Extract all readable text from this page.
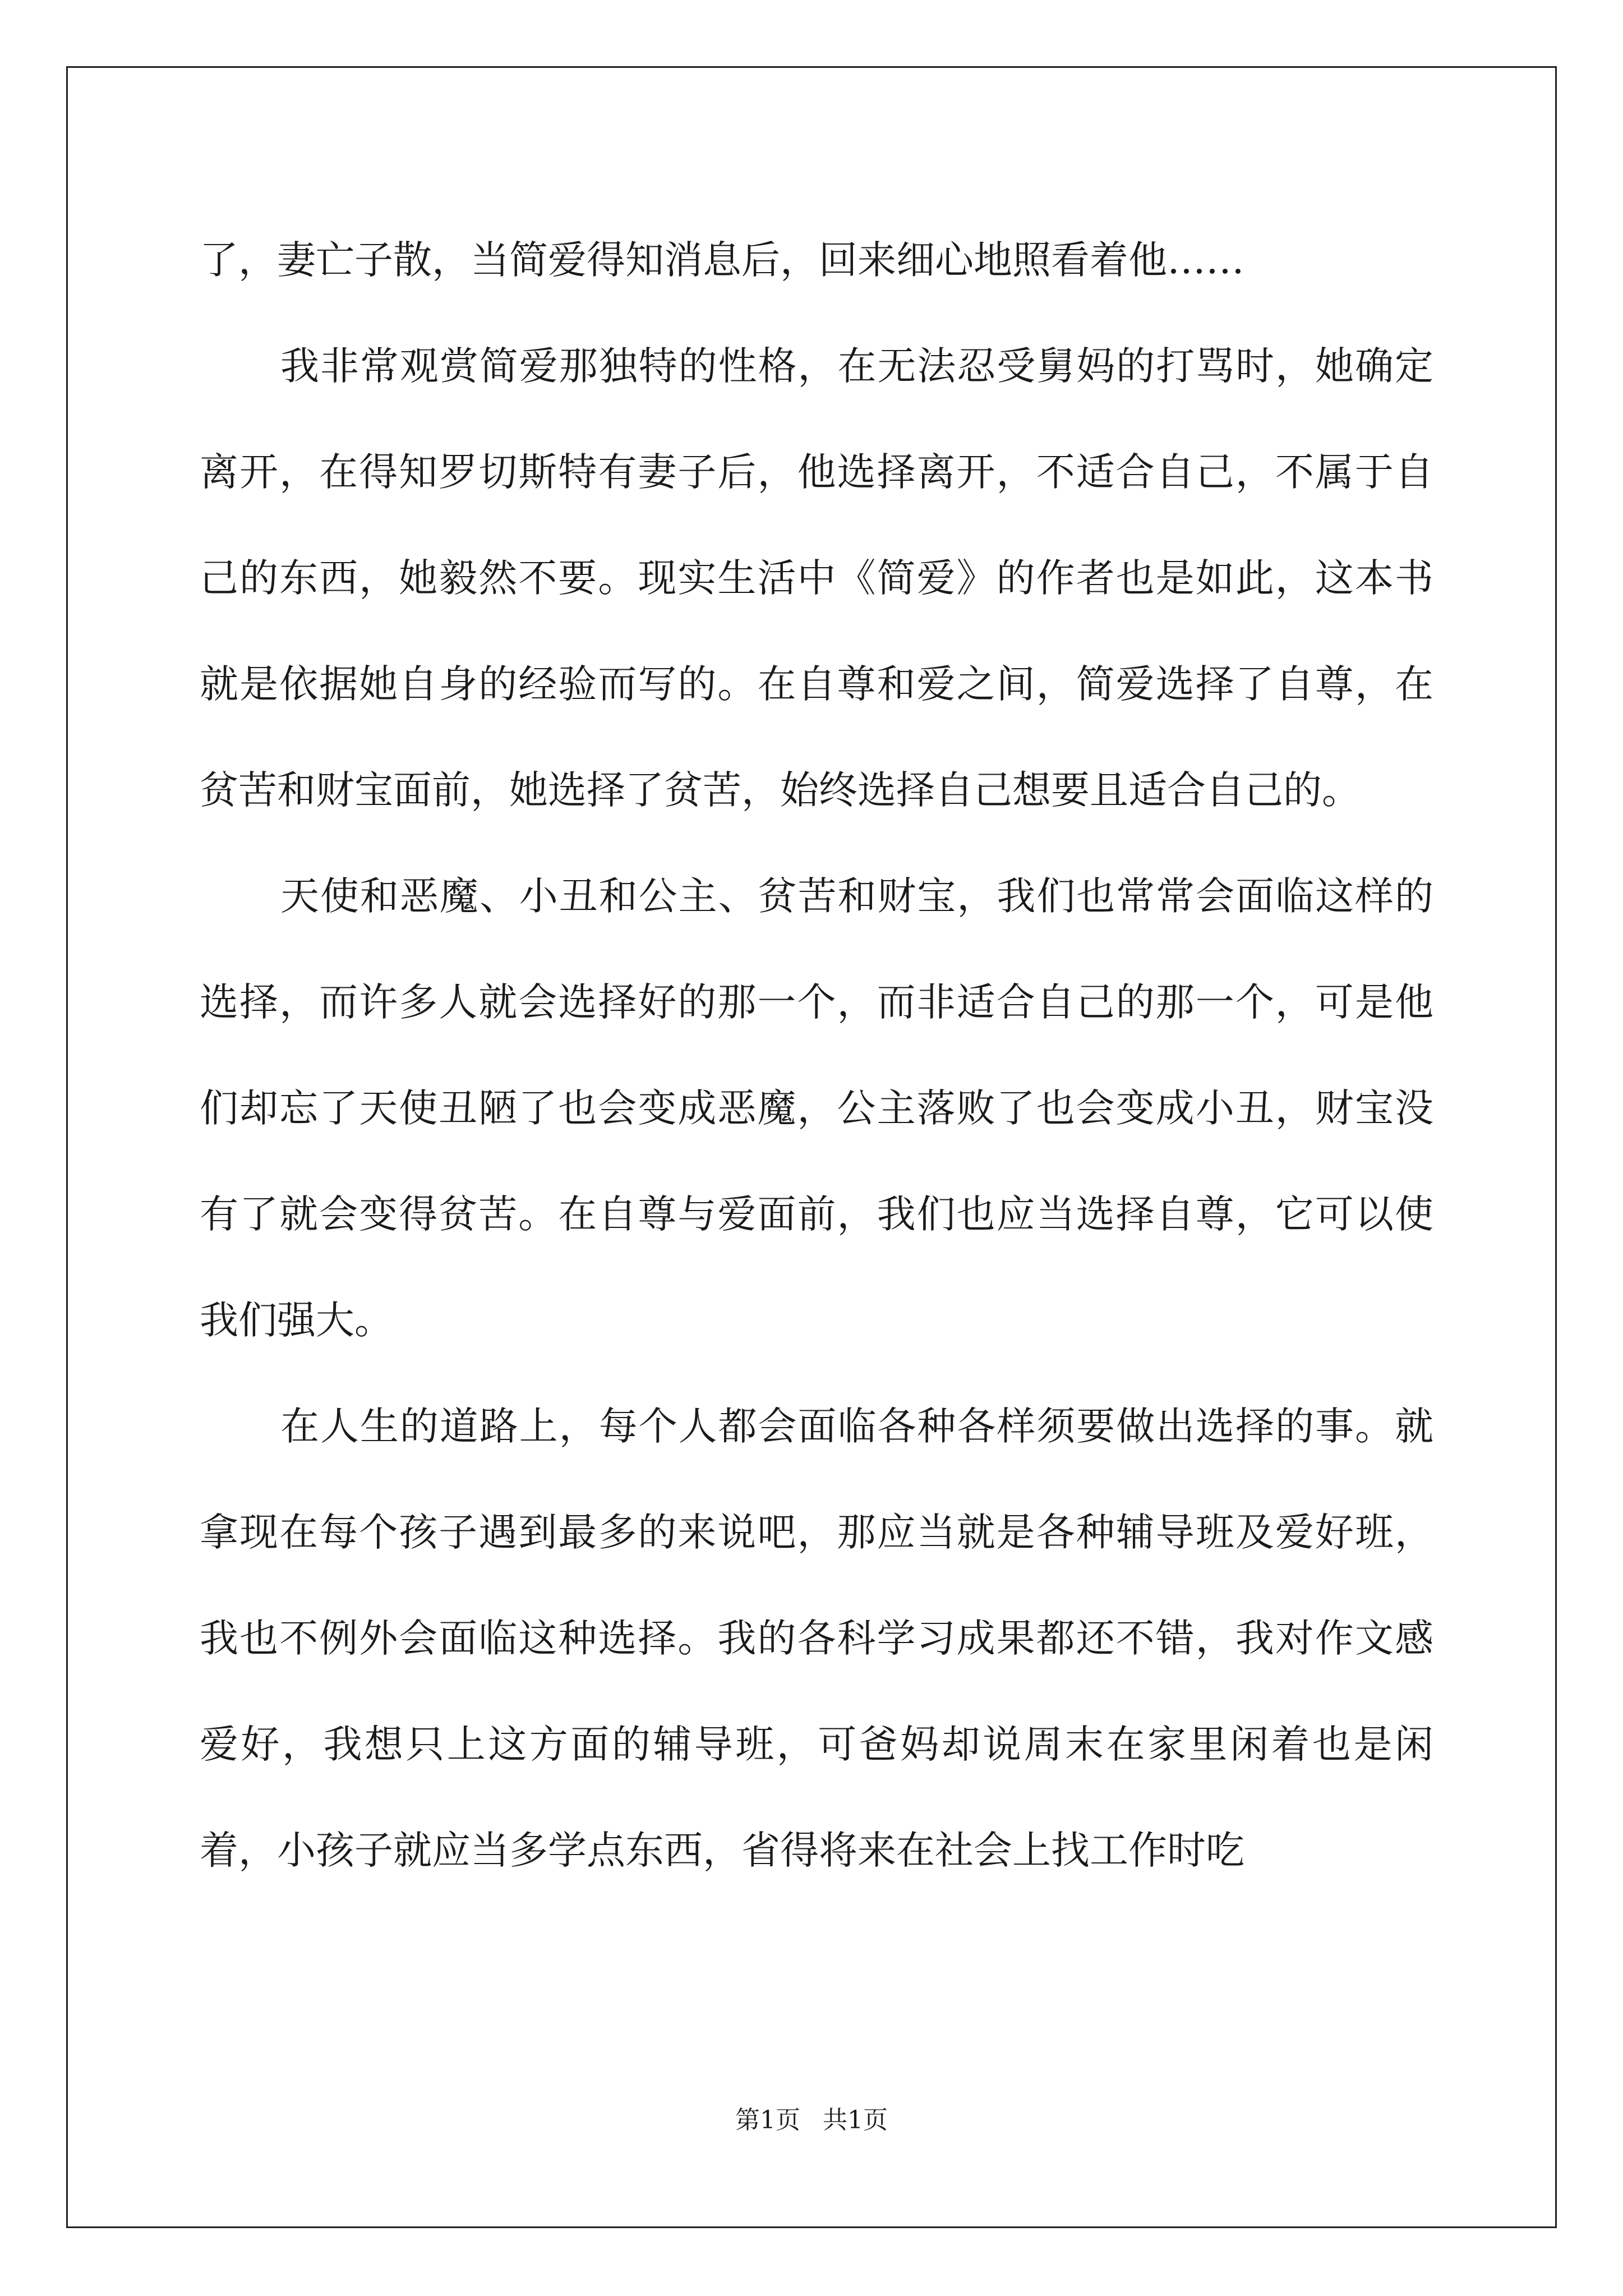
了，妻亡子散，当简爱得知消息后，回来细心地照看着他……

我非常观赏简爱那独特的性格，在无法忍受舅妈的打骂时，她确定离开，在得知罗切斯特有妻子后，他选择离开，不适合自己，不属于自己的东西，她毅然不要。现实生活中《简爱》的作者也是如此，这本书就是依据她自身的经验而写的。在自尊和爱之间，简爱选择了自尊，在贫苦和财宝面前，她选择了贫苦，始终选择自己想要且适合自己的。

天使和恶魔、小丑和公主、贫苦和财宝，我们也常常会面临这样的选择，而许多人就会选择好的那一个，而非适合自己的那一个，可是他们却忘了天使丑陋了也会变成恶魔，公主落败了也会变成小丑，财宝没有了就会变得贫苦。在自尊与爱面前，我们也应当选择自尊，它可以使我们强大。

在人生的道路上，每个人都会面临各种各样须要做出选择的事。就拿现在每个孩子遇到最多的来说吧，那应当就是各种辅导班及爱好班，我也不例外会面临这种选择。我的各科学习成果都还不错，我对作文感爱好，我想只上这方面的辅导班，可爸妈却说周末在家里闲着也是闲着，小孩子就应当多学点东西，省得将来在社会上找工作时吃

第1页 共1页
